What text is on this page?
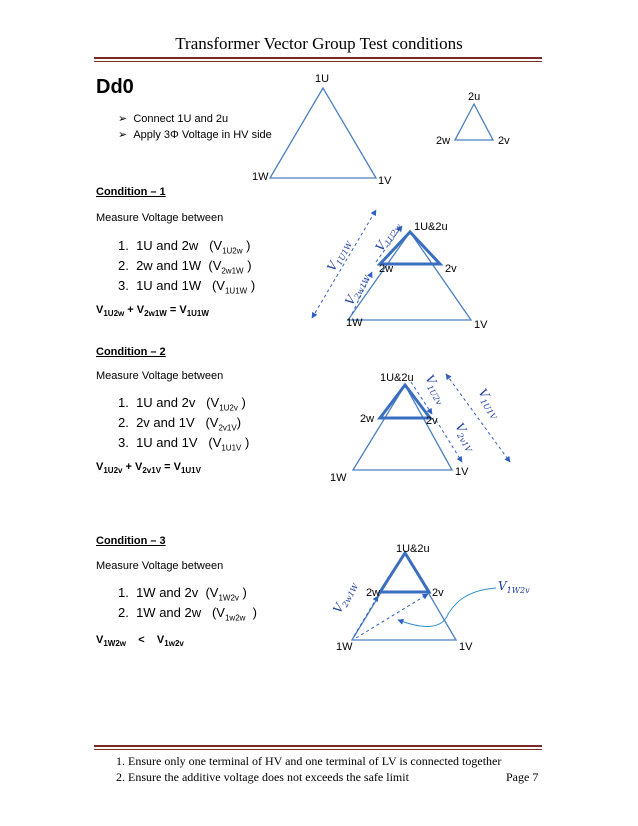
Transformer Vector Group Test conditions
Dd0
➢  Connect 1U and 2u
➢  Apply 3Φ Voltage in HV side
Condition – 1
Measure Voltage between
1. 1U and 2w   ($V_{1U2w}$ )
2. 2w and 1W  ($V_{2w1W}$ )
3. 1U and 1W   ($V_{1U1W}$ )
$V_{1U2w} + V_{2w1W} = V_{1U1W}$
Condition – 2
Measure Voltage between
1. 1U and 2v   ($V_{1U2v}$ )
2. 2v and 1V   $(V_{2v1V})$
3. 1U and 1V   ($V_{1U1V}$ )
$V_{1U2v} + V_{2v1V} = V_{1U1V}$
Condition – 3
Measure Voltage between
1. 1W and 2v  ($V_{1W2v}$ )
2. 1W and 2w   ($V_{1w2w}$  )
$V_{1W2w} < V_{1w2v}$
1U
1W	1V
2u
2w	2v
1U&2u
2w	2v
1W	1V
$V_{1U1W}$ $V_{1U2w}$
$V_{2w1W}$
1U&2u
2w	2v
1W	1V
$V_{1U2v}$	$V_{1U1V}$
$V_{2v1V}$
1U&2u
2w	2v
1W	1V
$V_{2w1W}$	$V_{1W2v}$
1. Ensure only one terminal of HV and one terminal of LV is connected together
2. Ensure the additive voltage does not exceeds the safe limit	Page 7
